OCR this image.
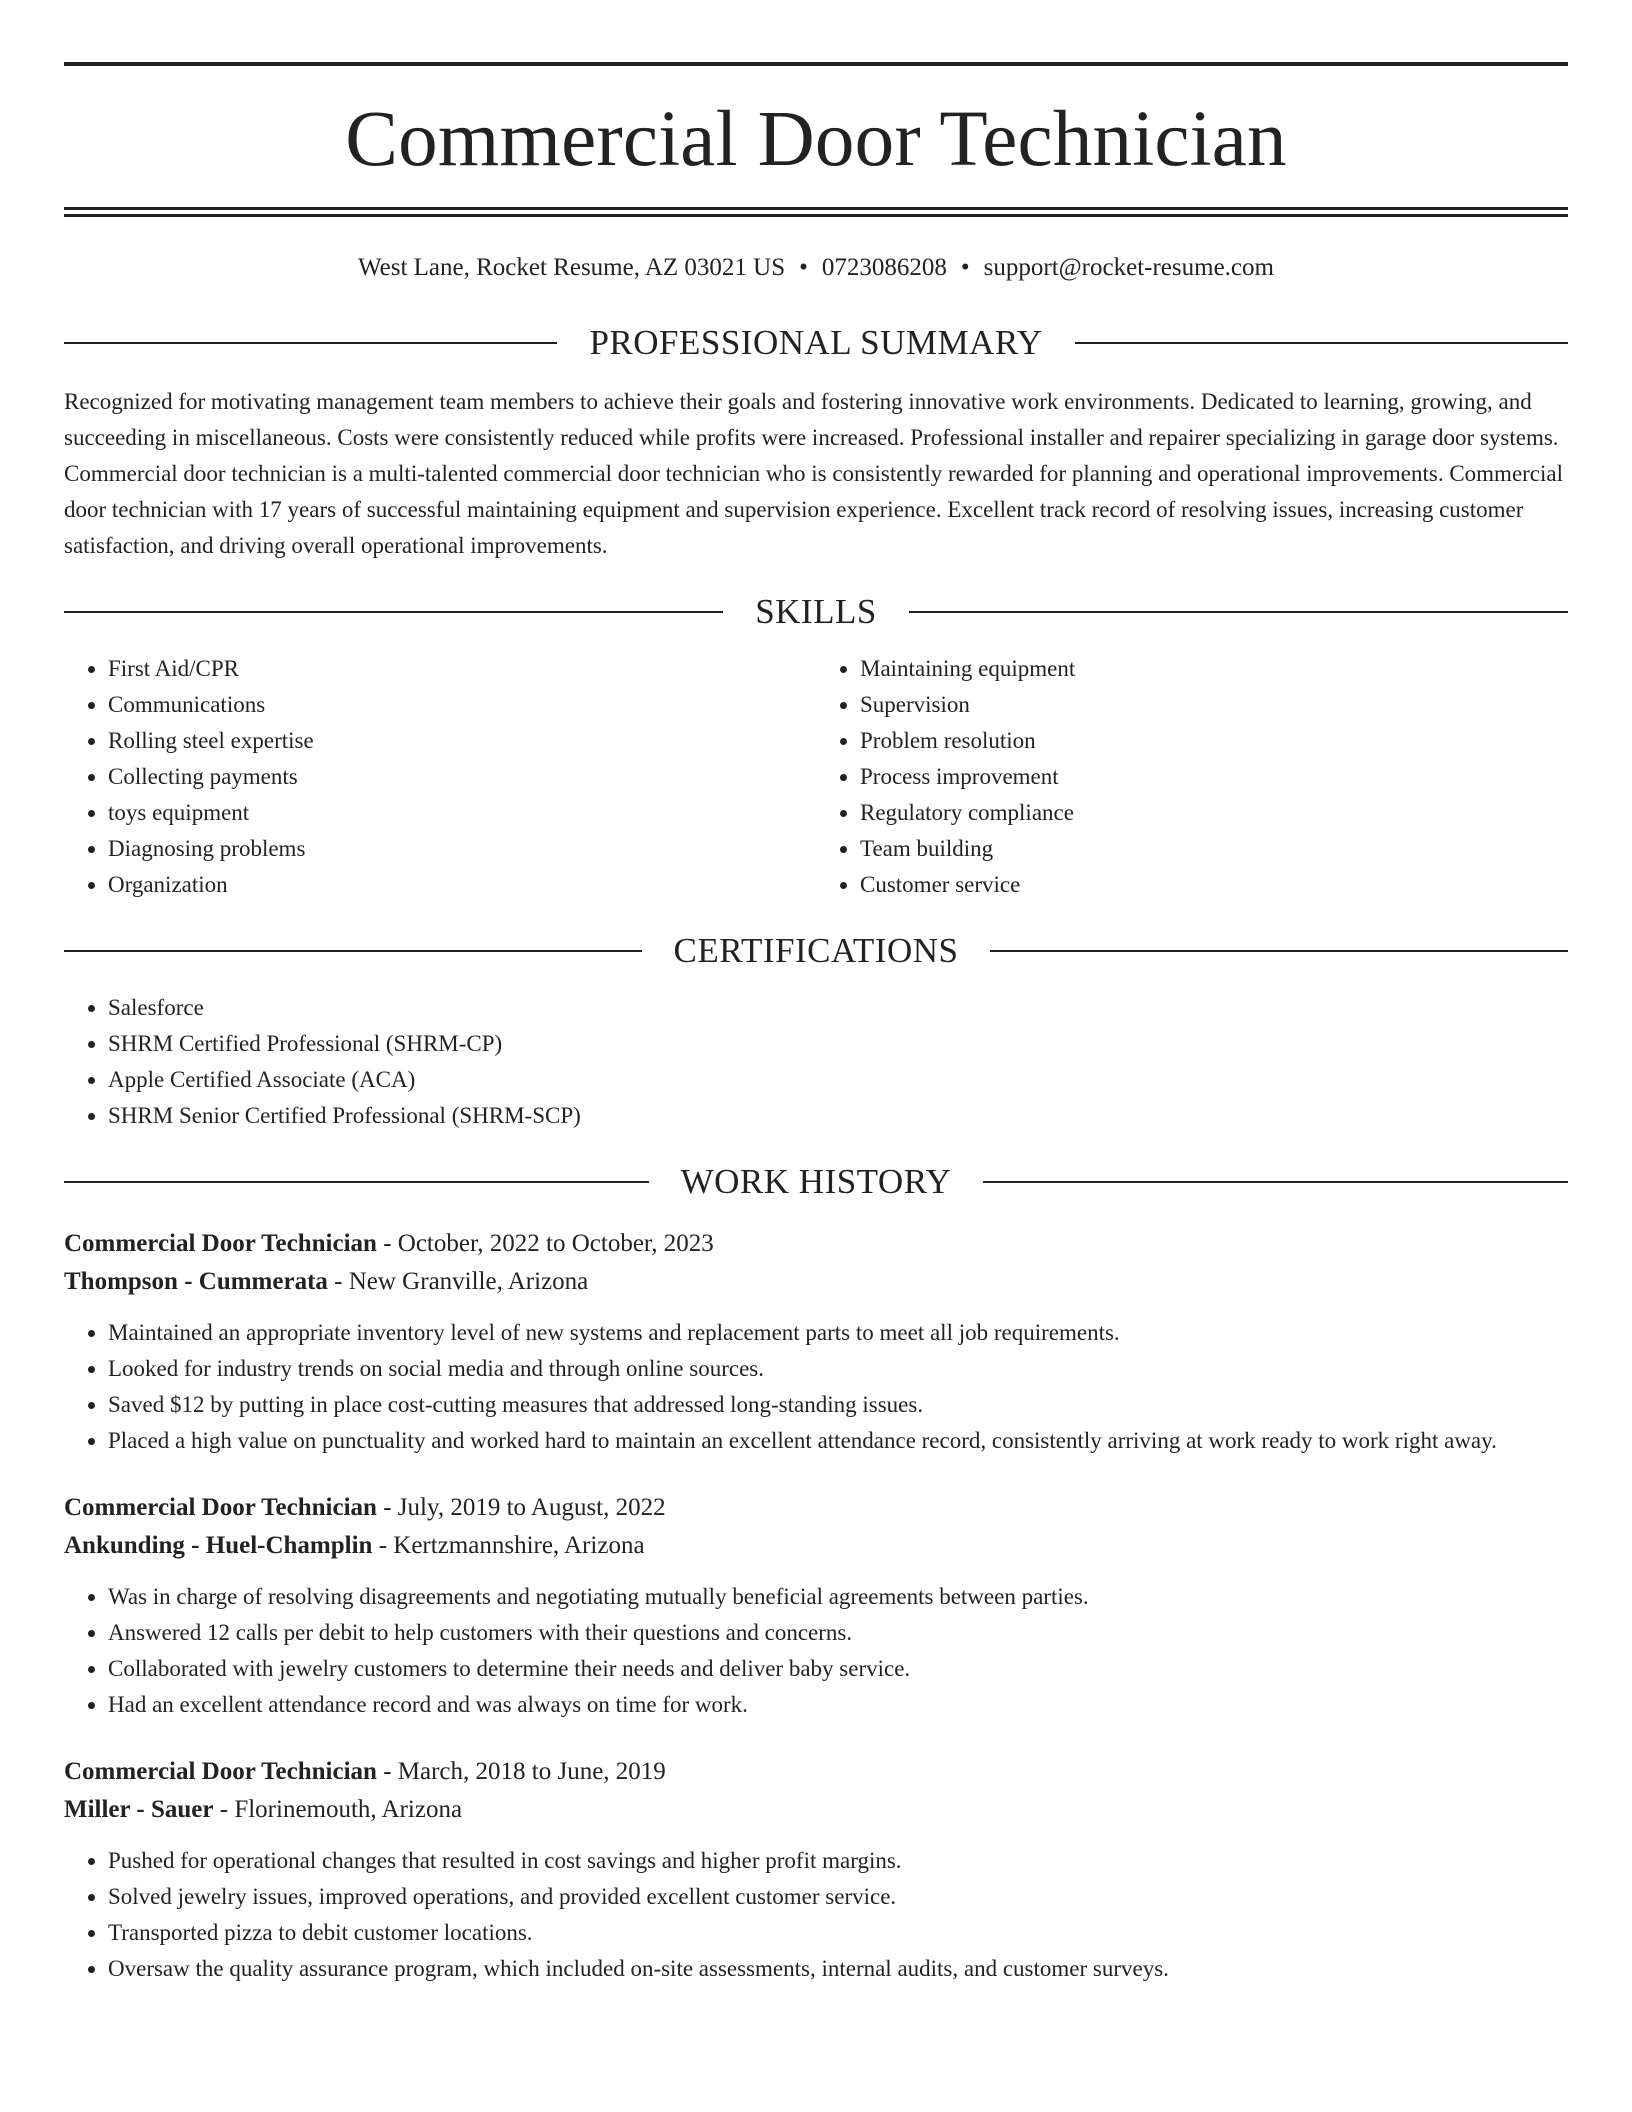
Commercial Door Technician
West Lane, Rocket Resume, AZ 03021 US • 0723086208 • support@rocket-resume.com
PROFESSIONAL SUMMARY

Recognized for motivating management team members to achieve their goals and fostering innovative work environments. Dedicated to learning, growing, and succeeding in miscellaneous. Costs were consistently reduced while profits were increased. Professional installer and repairer specializing in garage door systems. Commercial door technician is a multi-talented commercial door technician who is consistently rewarded for planning and operational improvements. Commercial door technician with 17 years of successful maintaining equipment and supervision experience. Excellent track record of resolving issues, increasing customer satisfaction, and driving overall operational improvements.

SKILLS
• First Aid/CPR
• Communications
• Rolling steel expertise
• Collecting payments
• toys equipment
• Diagnosing problems
• Organization
• Maintaining equipment
• Supervision
• Problem resolution
• Process improvement
• Regulatory compliance
• Team building
• Customer service
CERTIFICATIONS
• Salesforce
• SHRM Certified Professional (SHRM-CP)
• Apple Certified Associate (ACA)
• SHRM Senior Certified Professional (SHRM-SCP)
WORK HISTORY
Commercial Door Technician - October, 2022 to October, 2023
Thompson - Cummerata - New Granville, Arizona
• Maintained an appropriate inventory level of new systems and replacement parts to meet all job requirements.
• Looked for industry trends on social media and through online sources.
• Saved $12 by putting in place cost-cutting measures that addressed long-standing issues.
• Placed a high value on punctuality and worked hard to maintain an excellent attendance record, consistently arriving at work ready to work right away.
Commercial Door Technician - July, 2019 to August, 2022
Ankunding - Huel-Champlin - Kertzmannshire, Arizona
• Was in charge of resolving disagreements and negotiating mutually beneficial agreements between parties.
• Answered 12 calls per debit to help customers with their questions and concerns.
• Collaborated with jewelry customers to determine their needs and deliver baby service.
• Had an excellent attendance record and was always on time for work.
Commercial Door Technician - March, 2018 to June, 2019
Miller - Sauer - Florinemouth, Arizona
• Pushed for operational changes that resulted in cost savings and higher profit margins.
• Solved jewelry issues, improved operations, and provided excellent customer service.
• Transported pizza to debit customer locations.
• Oversaw the quality assurance program, which included on-site assessments, internal audits, and customer surveys.
